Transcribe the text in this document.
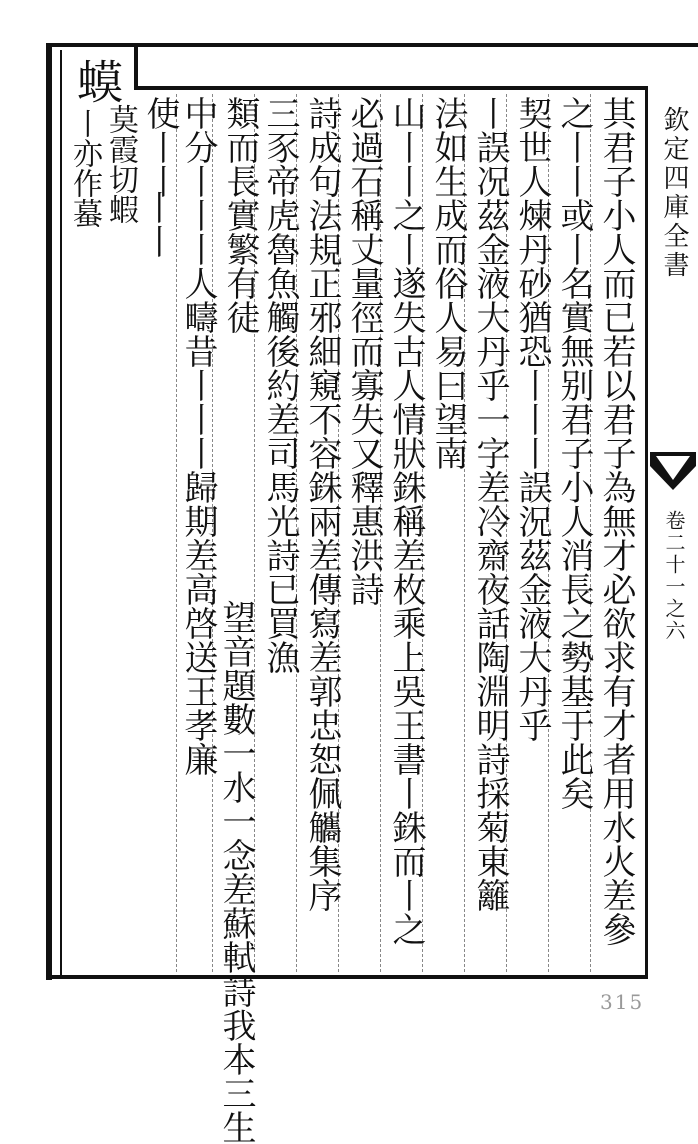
欽定四庫全書
卷二十一之六
蟆
莫霞切蝦
丨亦作蟇	其君子小人而已若以君子為無才必欲求有才者用水火差參
之丨丨或丨名實無别君子小人消長之勢基于此矣
契世人煉丹砂猶恐丨丨丨誤況茲金液大丹乎
丨誤况茲金液大丹乎一字差冷齋夜話陶淵明詩採菊東籬
法如生成而俗人易曰望南
山丨丨之丨遂失古人情狀銖稱差枚乘上吳王書丨銖而丨之
必過石稱丈量徑而寡失又釋惠洪詩
詩成句法規正邪細窺不容銖兩差傳寫差郭忠恕佩觿集序
三豕帝虎魯魚觸後約差司馬光詩已買漁
類而長實繁有徒
望音題數一水一念差蘇軾詩我本三生
中分丨丨丨人疇昔丨丨丨歸期差高啓送王孝廉
使丨丨
丨丨
315
